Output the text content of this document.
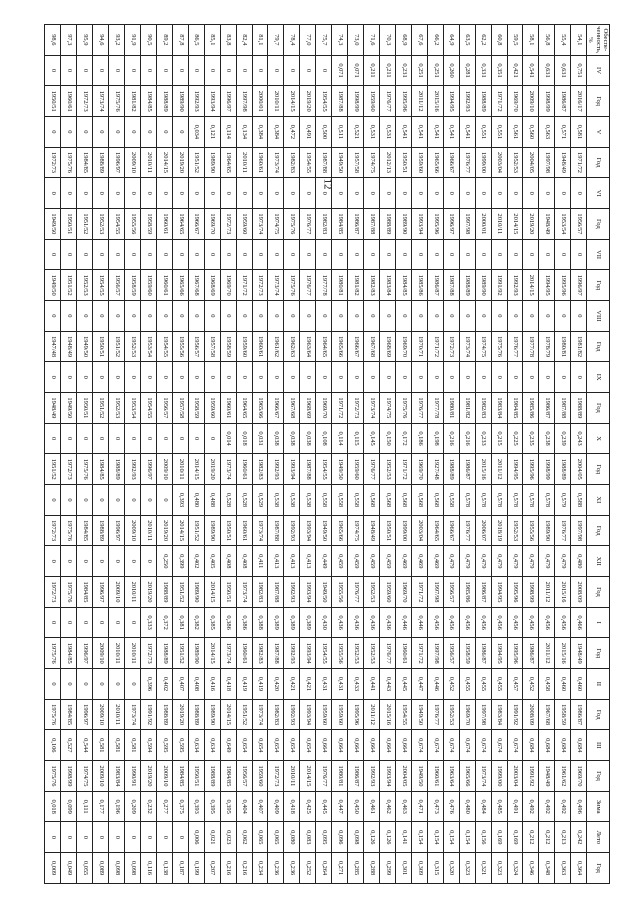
12
Обеспе-ченность, %	IV	Год	V	Год	VI	Год	VII	Год	VIII	Год	IX	Год	X	Год	XI	Год	XII	Год	I	Год	II	Год	III	Год	Зима	Лето	Год
54,1	0,751	2016/17	0,581	1971/72	0	1956/57	0	1996/97	0	1981/82	0	1988/89	0,243	2004/05	0,588	1997/98	0,480	2008/09	0,466	1948/49	0,460	1986/87	0,684	1969/70	0,496	0,242	0,364
55,4	0,631	1986/87	0,571	1948/49	0	1953/54	0	1995/96	0	1980/81	0	1987/88	0,239	1988/89	0,579	1976/77	0,479	2015/16	0,456	2015/16	0,460	1958/59	0,684	1961/62	0,492	0,213	0,363
56,8	0,631	1998/99	0,563	1997/98	0	1948/49	0	1994/95	0	1978/79	0	1986/87	0,238	1998/99	0,578	1989/90	0,479	2011/12	0,456	2011/12	0,458	1967/68	0,684	1948/49	0,492	0,212	0,348
58,1	0,541	2009/10	0,560	2004/05	0	2019/20	0	2014/15	0	1977/78	0	1985/86	0,235	1995/96	0,578	1955/56	0,479	1998/99	0,456	1986/87	0,452	2008/09	0,684	1991/92	0,492	0,212	0,346
59,5	0,421	1969/70	0,561	1952/53	0	2014/15	0	1992/93	0	1976/77	0	1984/85	0,225	1994/95	0,578	1952/53	0,479	1995/96	0,456	1995/96	0,457	1991/92	0,674	2003/04	0,491	0,169	0,324
60,8	0,351	1971/72	0,551	2003/04	0	2010/11	0	1991/92	0	1975/76	0	1983/84	0,215	2011/12	0,578	2018/19	0,479	1994/95	0,456	1994/95	0,455	1983/84	0,674	1999/00	0,485	0,169	0,323
62,2	0,331	1988/89	0,551	1999/00	0	2000/01	0	1989/90	0	1974/75	0	1982/83	0,233	2015/16	0,578	2006/07	0,479	1986/87	0,456	1986/87	0,455	1997/98	0,674	1973/74	0,484	0,156	0,321
63,5	0,281	1992/93	0,541	1976/77	0	1997/98	0	1988/89	0	1973/74	0	1981/82	0,216	1986/87	0,578	1976/77	0,479	1985/86	0,456	1958/59	0,455	1969/70	0,674	1965/66	0,480	0,154	0,323
64,9	0,260	1994/95	0,541	1966/67	0	1996/97	0	1987/88	0	1972/73	0	1980/81	0,216	1988/89	0,558	1966/67	0,479	1956/57	0,456	1956/57	0,452	1952/53	0,674	1963/64	0,476	0,154	0,320
66,2	0,251	2015/16	0,541	1965/66	0	1995/96	0	1986/87	0	1971/72	0	1977/78	0,198	1927/48	0,568	1964/65	0,469	1997/98	0,456	1997/98	0,446	1976/77	0,674	1960/61	0,473	0,154	0,315
67,6	0,251	2011/12	0,541	1959/60	0	1993/94	0	1985/86	0	1970/71	0	1976/77	0,186	1969/70	0,568	2003/04	0,469	1971/72	0,446	1971/72	0,447	1949/50	0,674	1949/50	0,471	0,154	0,309
68,9	0,231	1995/96	0,541	1950/51	0	1989/90	0	1984/85	0	1969/70	0	1975/76	0,172	1971/72	0,568	1999/00	0,469	1969/70	0,446	1960/61	0,445	1954/55	0,664	2004/05	0,463	0,141	0,301
70,3	0,211	1976/77	0,531	2012/13	0	1988/89	0	1983/84	0	1968/69	0	1974/75	0,150	1952/53	0,568	1950/51	0,459	1959/60	0,436	1976/77	0,443	2015/16	0,664	1993/94	0,462	0,126	0,299
71,6	0,211	1959/60	0,531	1974/75	0	1987/88	0	1982/83	0	1967/68	0	1973/74	0,145	1976/77	0,568	1948/49	0,459	1952/53	0,436	1952/53	0,441	2011/12	0,664	1992/93	0,461	0,126	0,288
73,0	0,071	1998/99	0,521	1957/58	0	1986/87	0	1981/82	0	1966/67	0	1972/73	0,115	1959/60	0,558	1974/75	0,459	1976/77	0,436	1952/53	0,433	1995/96	0,664	1986/87	0,450	0,098	0,285
74,3	0,071	1987/88	0,511	1949/50	0	1984/85	0	1980/81	0	1965/66	0	1971/72	0,114	1949/50	0,558	1965/66	0,459	1955/56	0,436	1955/56	0,431	1959/60	0,664	1980/81	0,447	0,096	0,271
75,7	0	1954/55	0,500	1987/88	0	1982/83	0	1977/78	0	1964/65	0	1969/70	0,108	1954/55	0,558	1949/50	0,449	1949/50	0,430	1954/55	0,431	1959/60	0,664	1976/77	0,445	0,095	0,264
77,0	0	2019/20	0,491	1954/55	0	1976/77	0	1976/77	0	1963/64	0	1968/69	0,038	1987/88	0,538	1993/94	0,413	1993/94	0,389	1993/94	0,421	1993/94	0,654	2014/15	0,425	0,083	0,252
78,4	0	2014/15	0,472	1982/83	0	1975/76	0	1975/76	0	1962/63	0	1967/68	0,038	1993/94	0,538	1992/93	0,413	1992/93	0,389	1992/93	0,421	1992/93	0,654	2010/11	0,418	0,080	0,236
79,7	0	2010/11	0,384	1973/74	0	1974/75	0	1973/74	0	1961/62	0	1966/67	0,038	1992/93	0,538	1987/88	0,413	1987/88	0,389	1987/88	0,420	1982/83	0,654	1972/73	0,409	0,065	0,236
81,1	0	2000/01	0,384	1960/61	0	1973/74	0	1972/73	0	1960/61	0	1965/66	0,031	1982/83	0,529	1973/74	0,411	1982/83	0,388	1982/83	0,419	1973/74	0,654	1959/60	0,407	0,065	0,234
82,4	0	1997/98	0,134	2010/11	0	1959/60	0	1971/72	0	1959/60	0	1964/65	0,018	1960/61	0,528	1960/61	0,408	1973/74	0,386	1960/61	0,419	1951/52	0,654	1956/57	0,404	0,062	0,216
83,8	0	1996/97	0,114	1964/65	0	1972/73	0	1969/70	0	1958/59	0	1960/61	0,014	1973/74	0,528	1950/51	0,408	1950/51	0,386	1973/74	0,418	2014/15	0,649	1984/85	0,395	0,023	0,216
85,1	0	1993/94	0,121	1989/90	0	1969/70	0	1968/69	0	1957/58	0	1959/60	0	2019/20	0,488	1989/90	0,405	2014/15	0,385	2014/15	0,416	1989/90	0,634	1988/89	0,395	0,021	0,207
86,5	0	1992/93	0,034	1951/52	0	1966/67	0	1967/68	0	1956/57	0	1958/59	0	2014/15	0,480	1951/52	0,402	1989/90	0,382	1989/90	0,408	1988/89	0,634	1950/51	0,393	0,006	0,199
87,8	0	1989/90	0	2019/20	0	1964/65	0	1965/66	0	1955/56	0	1957/58	0	2010/11	0,393	2014/15	0,399	1951/52	0,381	1951/52	0,407	2019/20	0,595	1984/85	0,375	0	0,187
89,2	0	1988/89	0	2014/15	0	1960/61	0	1960/61	0	1954/55	0	1956/57	0	2009/10	0	2019/20	0,250	1988/89	0,372	1988/89	0,402	1988/89	0,595	2009/10	0,277	0	0,138
90,5	0	1984/85	0	2010/11	0	1958/59	0	1959/60	0	1953/54	0	1954/55	0	1996/97	0	2010/11	0	2019/20	0,333	1972/73	0,396	1991/92	0,594	2019/20	0,232	0	0,116
91,9	0	1981/82	0	2009/10	0	1955/56	0	1958/59	0	1952/53	0	1953/54	0	1992/93	0	2009/10	0	2010/11	0	2010/11	0	1973/74	0,581	1990/91	0,209	0	0,098
93,2	0	1975/76	0	1996/97	0	1954/55	0	1956/57	0	1951/52	0	1952/53	0	1988/89	0	1996/97	0	2009/10	0	2010/11	0	2010/11	0,581	1983/84	0,196	0	0,098
94,6	0	1973/74	0	1988/89	0	1952/53	0	1954/55	0	1950/51	0	1951/52	0	1984/85	0	1988/89	0	1996/97	0	2009/10	0	2009/10	0,581	2009/10	0,177	0	0,089
95,9	0	1972/73	0	1984/85	0	1951/52	0	1952/53	0	1949/50	0	1950/51	0	1975/76	0	1984/85	0	1984/85	0	1996/97	0	1996/97	0,544	1974/75	0,111	0	0,055
97,3	0	1960/61	0	1975/76	0	1950/51	0	1951/52	0	1948/49	0	1949/50	0	1972/73	0	1975/76	0	1975/76	0	1984/85	0	1984/85	0,527	1998/99	0,099	0	0,049
98,6	0	1950/51	0	1972/73	0	1949/50	0	1949/50	0	1947/48	0	1948/49	0	1951/52	0	1972/73	0	1972/73	0	1975/76	0	1975/76	0,106	1975/76	0,018	0	0,009
